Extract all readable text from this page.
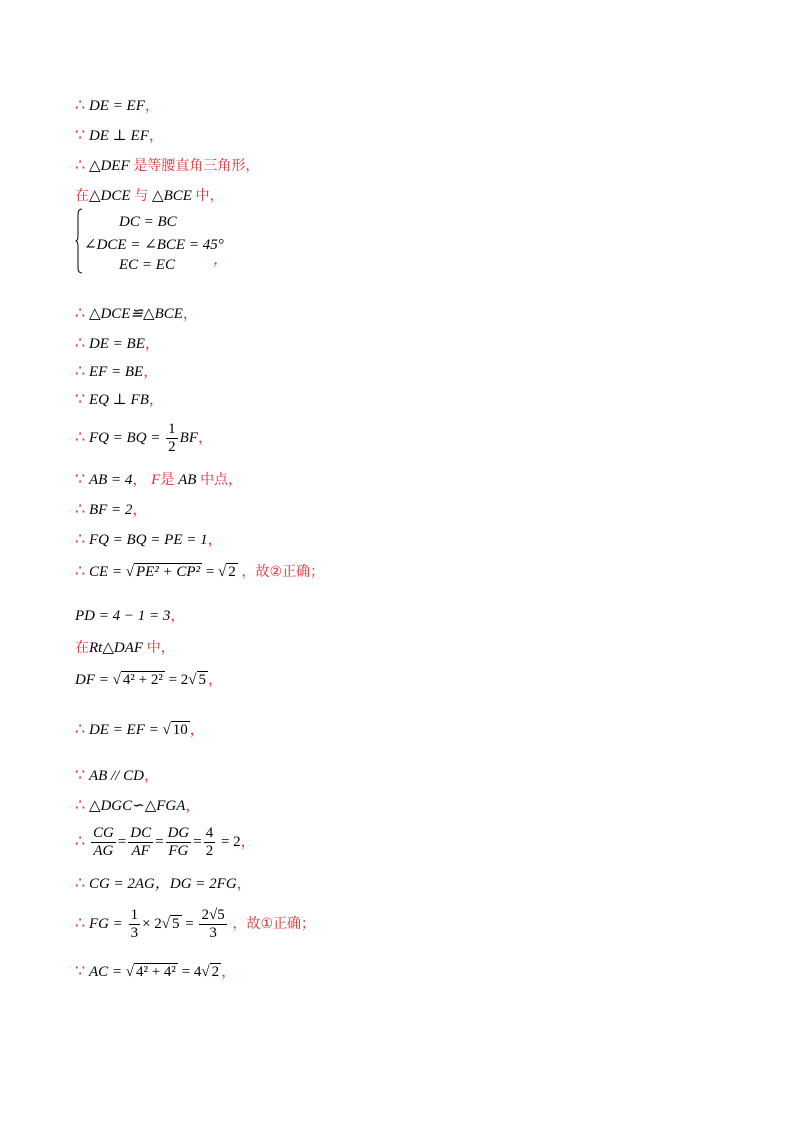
∴ DE = EF，
∵ DE ⊥ EF，
∴ △DEF 是等腰直角三角形，
在△DCE 与 △BCE 中，
DC = BC
∠DCE = ∠BCE = 45°
EC = EC	，
∴ △DCE≌△BCE，
∴ DE = BE，
∴ EF = BE，
∵ EQ ⊥ FB，
∴ FQ = BQ = $\frac{1}{2}$ BF，
∵ AB = 4， F是 AB 中点，
∴ BF = 2，
∴ FQ = BQ = PE = 1，
∴ CE = √ PE² + CP² = √ 2 ，故②正确；
PD = 4 − 1 = 3，
在Rt△DAF 中，
DF = √ 4² + 2² = 2√ 5 ，
∴ DE = EF = √ 10 ，
∵ AB // CD，
∴ △DGC∽△FGA，
∴ $\frac{CG}{AG} = \frac{DC}{AF} = \frac{DG}{FG} = \frac{4}{2} = 2$，
∴ CG = 2AG，DG = 2FG，
∴ FG = $\frac{1}{3} \times 2√$ $5 = \frac{2√5}{3}$ ，故①正确；
∵ AC = √ 4² + 4² = 4√ 2 ，
